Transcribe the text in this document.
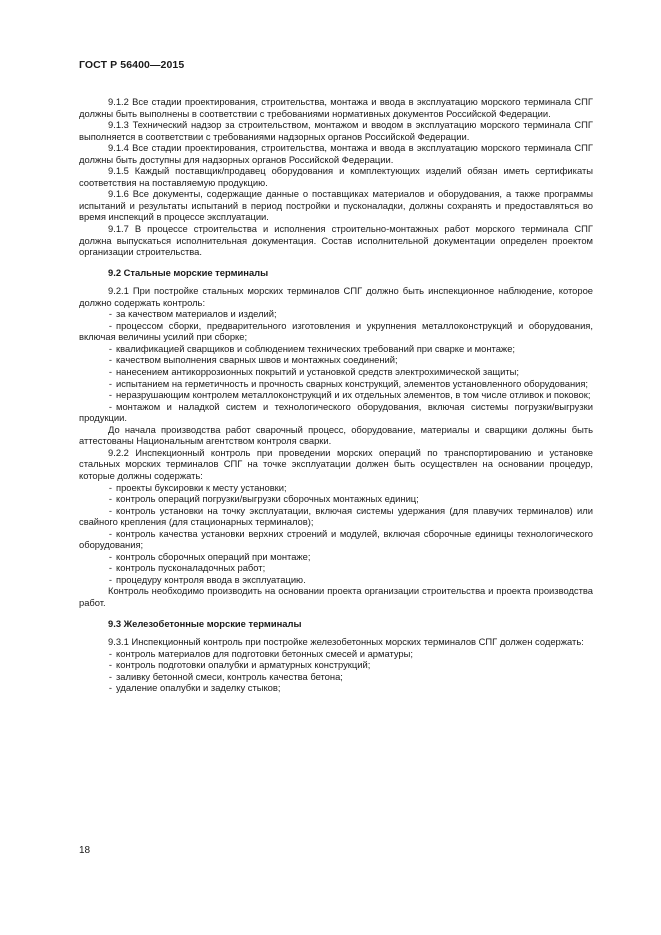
ГОСТ Р 56400—2015
9.1.2 Все стадии проектирования, строительства, монтажа и ввода в эксплуатацию морского терминала СПГ должны быть выполнены в соответствии с требованиями нормативных документов Российской Федерации.
9.1.3 Технический надзор за строительством, монтажом и вводом в эксплуатацию морского терминала СПГ выполняется в соответствии с требованиями надзорных органов Российской Федерации.
9.1.4 Все стадии проектирования, строительства, монтажа и ввода в эксплуатацию морского терминала СПГ должны быть доступны для надзорных органов Российской Федерации.
9.1.5 Каждый поставщик/продавец оборудования и комплектующих изделий обязан иметь сертификаты соответствия на поставляемую продукцию.
9.1.6 Все документы, содержащие данные о поставщиках материалов и оборудования, а также программы испытаний и результаты испытаний в период постройки и пусконаладки, должны сохранять и предоставляться во время инспекций в процессе эксплуатации.
9.1.7 В процессе строительства и исполнения строительно-монтажных работ морского терминала СПГ должна выпускаться исполнительная документация. Состав исполнительной документации определен проектом организации строительства.
9.2 Стальные морские терминалы
9.2.1 При постройке стальных морских терминалов СПГ должно быть инспекционное наблюдение, которое должно содержать контроль:
- за качеством материалов и изделий;
- процессом сборки, предварительного изготовления и укрупнения металлоконструкций и оборудования, включая величины усилий при сборке;
- квалификацией сварщиков и соблюдением технических требований при сварке и монтаже;
- качеством выполнения сварных швов и монтажных соединений;
- нанесением антикоррозионных покрытий и установкой средств электрохимической защиты;
- испытанием на герметичность и прочность сварных конструкций, элементов установленного оборудования;
- неразрушающим контролем металлоконструкций и их отдельных элементов, в том числе отливок и поковок;
- монтажом и наладкой систем и технологического оборудования, включая системы погрузки/выгрузки продукции.
До начала производства работ сварочный процесс, оборудование, материалы и сварщики должны быть аттестованы Национальным агентством контроля сварки.
9.2.2 Инспекционный контроль при проведении морских операций по транспортированию и установке стальных морских терминалов СПГ на точке эксплуатации должен быть осуществлен на основании процедур, которые должны содержать:
- проекты буксировки к месту установки;
- контроль операций погрузки/выгрузки сборочных монтажных единиц;
- контроль установки на точку эксплуатации, включая системы удержания (для плавучих терминалов) или свайного крепления (для стационарных терминалов);
- контроль качества установки верхних строений и модулей, включая сборочные единицы технологического оборудования;
- контроль сборочных операций при монтаже;
- контроль пусконаладочных работ;
- процедуру контроля ввода в эксплуатацию.
Контроль необходимо производить на основании проекта организации строительства и проекта производства работ.
9.3 Железобетонные морские терминалы
9.3.1 Инспекционный контроль при постройке железобетонных морских терминалов СПГ должен содержать:
- контроль материалов для подготовки бетонных смесей и арматуры;
- контроль подготовки опалубки и арматурных конструкций;
- заливку бетонной смеси, контроль качества бетона;
- удаление опалубки и заделку стыков;
18
